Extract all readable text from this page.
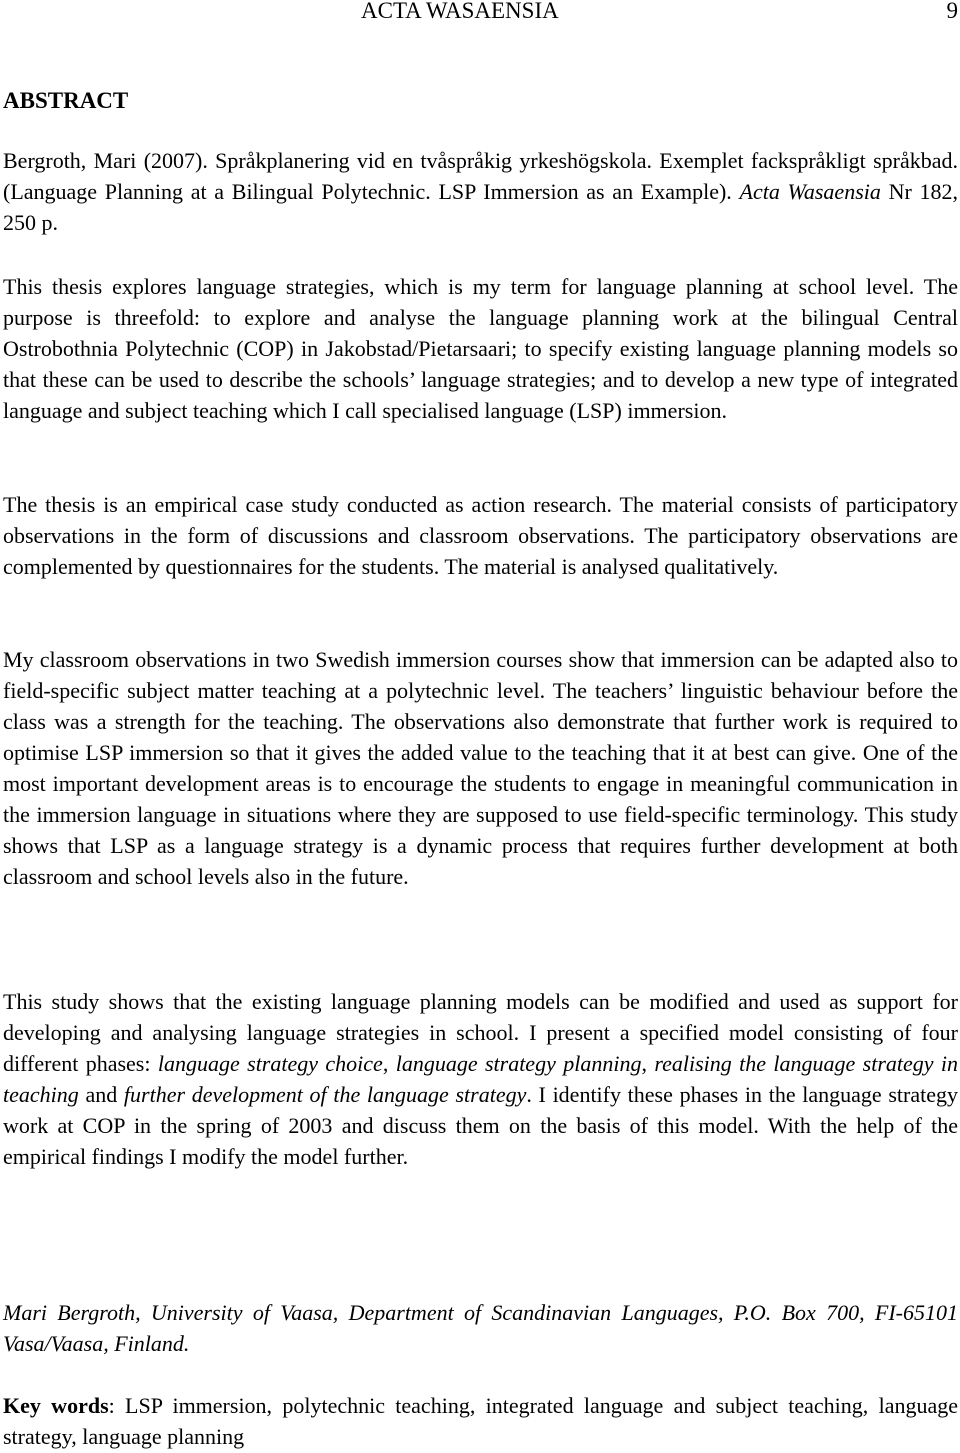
ACTA WASAENSIA	9
ABSTRACT

Bergroth, Mari (2007). Språkplanering vid en tvåspråkig yrkeshögskola. Exemplet fackspråkligt språkbad. (Language Planning at a Bilingual Polytechnic. LSP Immersion as an Example). Acta Wasaensia Nr 182, 250 p.

This thesis explores language strategies, which is my term for language planning at school level. The purpose is threefold: to explore and analyse the language planning work at the bilingual Central Ostrobothnia Polytechnic (COP) in Jakobstad/Pietarsaari; to specify existing language planning models so that these can be used to describe the schools’ language strategies; and to develop a new type of integrated language and subject teaching which I call specialised language (LSP) immersion.

The thesis is an empirical case study conducted as action research. The material consists of participatory observations in the form of discussions and classroom observations. The participatory observations are complemented by questionnaires for the students. The material is analysed qualitatively.

My classroom observations in two Swedish immersion courses show that immersion can be adapted also to field-specific subject matter teaching at a polytechnic level. The teachers’ linguistic behaviour before the class was a strength for the teaching. The observations also demonstrate that further work is required to optimise LSP immersion so that it gives the added value to the teaching that it at best can give. One of the most important development areas is to encourage the students to engage in meaningful communication in the immersion language in situations where they are supposed to use field-specific terminology. This study shows that LSP as a language strategy is a dynamic process that requires further development at both classroom and school levels also in the future.

This study shows that the existing language planning models can be modified and used as support for developing and analysing language strategies in school. I present a specified model consisting of four different phases: language strategy choice, language strategy planning, realising the language strategy in teaching and further development of the language strategy. I identify these phases in the language strategy work at COP in the spring of 2003 and discuss them on the basis of this model. With the help of the empirical findings I modify the model further.

Mari Bergroth, University of Vaasa, Department of Scandinavian Languages, P.O. Box 700, FI-65101 Vasa/Vaasa, Finland.

Key words: LSP immersion, polytechnic teaching, integrated language and subject teaching, language strategy, language planning
